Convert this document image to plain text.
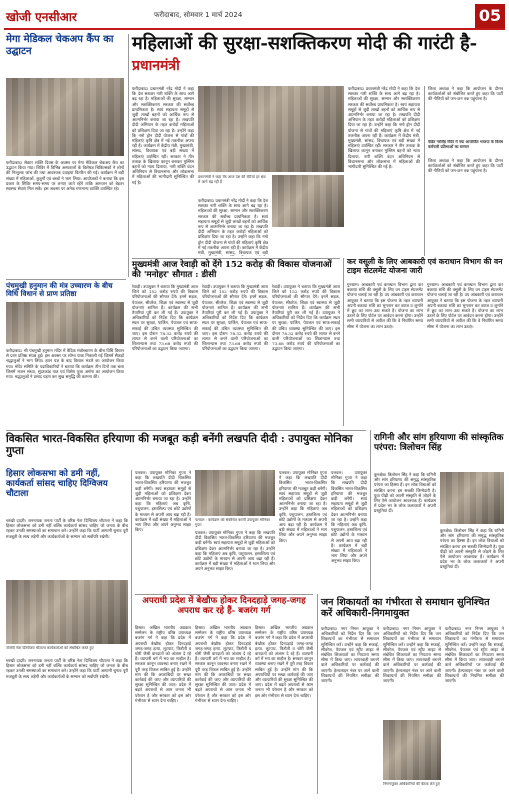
खोजी एनसीआर	फरीदाबाद, सोमवार 1 मार्च 2024	05
मेगा मेडिकल चेकअप कैंप का उद्घाटन
फरीदाबाद। सेक्टर शक्ति दिवस के अवसर पर मेगा मेडिकल चेकअप कैंप का उद्घाटन किया गया। शिविर में विभिन्न अस्पतालों के विशेषज्ञ चिकित्सकों ने लोगों की निःशुल्क जांच की तथा आवश्यक दवाइयां वितरित की गईं। कार्यक्रम में बड़ी संख्या में महिलाओं, बुजुर्गों एवं बच्चों ने भाग लिया। आयोजकों ने बताया कि इस प्रकार के शिविर समय-समय पर लगाए जाते रहेंगे ताकि आमजन को बेहतर स्वास्थ्य सेवाएं मिल सकें। इस अवसर पर अनेक गणमान्य व्यक्ति उपस्थित रहे।
महिलाओं की सुरक्षा-सशक्तिकरण मोदी की गारंटी है- प्रधानमंत्री
फरीदाबाद। प्रधानमंत्री नरेंद्र मोदी ने कहा कि देश सशक्त नारी शक्ति के साथ आगे बढ़ रहा है। महिलाओं की सुरक्षा, सम्मान और सशक्तिकरण सरकार की सर्वोच्च प्राथमिकता है। स्वयं सहायता समूहों से जुड़ी लाखों बहनों को आर्थिक रूप से आत्मनिर्भर बनाया जा रहा है। लखपति दीदी अभियान के तहत करोड़ों महिलाओं को प्रशिक्षण दिया जा रहा है। उन्होंने कहा कि नमो ड्रोन दीदी योजना से गांवों की महिलाएं कृषि क्षेत्र में नई तकनीक अपना रही हैं। कार्यक्रम में केंद्रीय मंत्री, मुख्यमंत्री, सांसद, विधायक एवं बड़ी संख्या में महिलाएं उपस्थित रहीं। सरकार ने तीन तलाक के खिलाफ कानून बनाकर मुस्लिम बहनों को न्याय दिलाया, नारी शक्ति वंदन अधिनियम से विधानसभा और लोकसभा में महिलाओं की भागीदारी सुनिश्चित की गई है।
प्रधानमंत्री ने कहा कि आज देश की बेटियां हर क्षेत्र में आगे बढ़ रही हैं
फरीदाबाद। प्रधानमंत्री नरेंद्र मोदी ने कहा कि देश सशक्त नारी शक्ति के साथ आगे बढ़ रहा है। महिलाओं की सुरक्षा, सम्मान और सशक्तिकरण सरकार की सर्वोच्च प्राथमिकता है। स्वयं सहायता समूहों से जुड़ी लाखों बहनों को आर्थिक रूप से आत्मनिर्भर बनाया जा रहा है। लखपति दीदी अभियान के तहत करोड़ों महिलाओं को प्रशिक्षण दिया जा रहा है। उन्होंने कहा कि नमो ड्रोन दीदी योजना से गांवों की महिलाएं कृषि क्षेत्र में नई तकनीक अपना रही हैं। कार्यक्रम में केंद्रीय मंत्री, मुख्यमंत्री, सांसद, विधायक एवं बड़ी
फरीदाबाद। प्रधानमंत्री नरेंद्र मोदी ने कहा कि देश सशक्त नारी शक्ति के साथ आगे बढ़ रहा है। महिलाओं की सुरक्षा, सम्मान और सशक्तिकरण सरकार की सर्वोच्च प्राथमिकता है। स्वयं सहायता समूहों से जुड़ी लाखों बहनों को आर्थिक रूप से आत्मनिर्भर बनाया जा रहा है। लखपति दीदी अभियान के तहत करोड़ों महिलाओं को प्रशिक्षण दिया जा रहा है। उन्होंने कहा कि नमो ड्रोन दीदी योजना से गांवों की महिलाएं कृषि क्षेत्र में नई तकनीक अपना रही हैं। कार्यक्रम में केंद्रीय मंत्री, मुख्यमंत्री, सांसद, विधायक एवं बड़ी संख्या में महिलाएं उपस्थित रहीं। सरकार ने तीन तलाक के खिलाफ कानून बनाकर मुस्लिम बहनों को न्याय दिलाया, नारी शक्ति वंदन अधिनियम से विधानसभा और लोकसभा में महिलाओं की भागीदारी सुनिश्चित की गई है।
जिला अध्यक्ष ने कहा कि आयोजन के दौरान कार्यकर्ताओं को संबोधित करते हुए कहा कि पार्टी की नीतियों को जन-जन तक पहुंचाना है।
पंडित नरसिंह मंदिर में नया आयोजित भाजपा के विशेष कर्मचारी प्रतिभाओं का सम्मान
जिला अध्यक्ष ने कहा कि आयोजन के दौरान कार्यकर्ताओं को संबोधित करते हुए कहा कि पार्टी की नीतियों को जन-जन तक पहुंचाना है।
पंचमुखी हनुमान की मंत्र उच्चारण के बीच विधि विधान से प्राण प्रतिष्ठा
फरीदाबाद। श्री पंचमुखी हनुमान मंदिर में वैदिक मंत्रोच्चारण के बीच विधि विधान से प्राण प्रतिष्ठा संपन्न हुई। इस अवसर पर शोभा यात्रा निकाली गई जिसमें सैकड़ों श्रद्धालुओं ने भाग लिया। हवन यज्ञ के बाद विशाल भंडारे का आयोजन किया गया। मंदिर समिति के पदाधिकारियों ने बताया कि कार्यक्रम तीन दिनों तक चला जिसमें भजन संध्या, सुंदरकांड पाठ एवं विशेष पूजा अर्चना का आयोजन किया गया। श्रद्धालुओं ने प्रसाद ग्रहण कर सुख समृद्धि की कामना की।
मुख्यमंत्री आज रेवाड़ी को देंगे 152 करोड़ की विकास योजनाओं की 'मनोहर' सौगात : डीसी
रेवाड़ी। उपायुक्त ने बताया कि मुख्यमंत्री आज जिले को 152 करोड़ रुपये की विकास परियोजनाओं की सौगात देंगे। इनमें सड़क, पेयजल, सीवरेज, शिक्षा एवं स्वास्थ्य से जुड़ी योजनाएं शामिल हैं। कार्यक्रम की सभी तैयारियां पूरी कर ली गई हैं। उपायुक्त ने अधिकारियों को निर्देश दिए कि कार्यक्रम स्थल पर सुरक्षा, पार्किंग, पेयजल एवं साफ-सफाई की उचित व्यवस्था सुनिश्चित की जाए। इस दौरान 78.32 करोड़ रुपये की लागत से बनने वाली परियोजनाओं का शिलान्यास तथा 73.68 करोड़ रुपये की परियोजनाओं का उद्घाटन किया जाएगा।
रेवाड़ी। उपायुक्त ने बताया कि मुख्यमंत्री आज जिले को 152 करोड़ रुपये की विकास परियोजनाओं की सौगात देंगे। इनमें सड़क, पेयजल, सीवरेज, शिक्षा एवं स्वास्थ्य से जुड़ी योजनाएं शामिल हैं। कार्यक्रम की सभी तैयारियां पूरी कर ली गई हैं। उपायुक्त ने अधिकारियों को निर्देश दिए कि कार्यक्रम स्थल पर सुरक्षा, पार्किंग, पेयजल एवं साफ-सफाई की उचित व्यवस्था सुनिश्चित की जाए। इस दौरान 78.32 करोड़ रुपये की लागत से बनने वाली परियोजनाओं का शिलान्यास तथा 73.68 करोड़ रुपये की परियोजनाओं का उद्घाटन किया जाएगा।
रेवाड़ी। उपायुक्त ने बताया कि मुख्यमंत्री आज जिले को 152 करोड़ रुपये की विकास परियोजनाओं की सौगात देंगे। इनमें सड़क, पेयजल, सीवरेज, शिक्षा एवं स्वास्थ्य से जुड़ी योजनाएं शामिल हैं। कार्यक्रम की सभी तैयारियां पूरी कर ली गई हैं। उपायुक्त ने अधिकारियों को निर्देश दिए कि कार्यक्रम स्थल पर सुरक्षा, पार्किंग, पेयजल एवं साफ-सफाई की उचित व्यवस्था सुनिश्चित की जाए। इस दौरान 78.32 करोड़ रुपये की लागत से बनने वाली परियोजनाओं का शिलान्यास तथा 73.68 करोड़ रुपये की परियोजनाओं का उद्घाटन किया जाएगा।
कर वसूली के लिए आबकारी एवं कराधान विभाग की वन टाइम सेटलमेंट योजना जारी
गुरुग्राम। आबकारी एवं कराधान विभाग द्वारा कर बकाया राशि की वसूली के लिए वन टाइम सेटलमेंट योजना चलाई जा रही है। उप आबकारी एवं कराधान आयुक्त ने बताया कि इस योजना के तहत व्यापारी अपनी बकाया राशि का भुगतान कर ब्याज व जुर्माने में छूट का लाभ उठा सकते हैं। योजना का लाभ उठाने के लिए पोर्टल पर आवेदन करना होगा। उन्होंने सभी व्यापारियों से अपील की कि वे निर्धारित समय सीमा में योजना का लाभ उठाएं।
गुरुग्राम। आबकारी एवं कराधान विभाग द्वारा कर बकाया राशि की वसूली के लिए वन टाइम सेटलमेंट योजना चलाई जा रही है। उप आबकारी एवं कराधान आयुक्त ने बताया कि इस योजना के तहत व्यापारी अपनी बकाया राशि का भुगतान कर ब्याज व जुर्माने में छूट का लाभ उठा सकते हैं। योजना का लाभ उठाने के लिए पोर्टल पर आवेदन करना होगा। उन्होंने सभी व्यापारियों से अपील की कि वे निर्धारित समय सीमा में योजना का लाभ उठाएं।
विकसित भारत-विकसित हरियाणा की मजबूत कड़ी बनेंगी लखपति दीदी : उपायुक्त मोनिका गुप्ता
हिसार लोकसभा को डमी नहीं, कार्यकर्ता सांसद चाहिए दिग्विजय चौटाला
चरखी दादरी। जननायक जनता पार्टी के वरिष्ठ नेता दिग्विजय चौटाला ने कहा कि हिसार लोकसभा को डमी नहीं बल्कि कार्यकर्ता सांसद चाहिए जो जनता के बीच रहकर उनकी समस्याओं का समाधान करे। उन्होंने कहा कि पार्टी आगामी चुनाव पूरी मजबूती के साथ लड़ेगी और कार्यकर्ताओं के सम्मान को सर्वोपरि रखेगी।
जेजेपी नेता दिग्विजय चौटाला कार्यकर्ताओं को संबोधित करते हुए
चरखी दादरी। जननायक जनता पार्टी के वरिष्ठ नेता दिग्विजय चौटाला ने कहा कि हिसार लोकसभा को डमी नहीं बल्कि कार्यकर्ता सांसद चाहिए जो जनता के बीच रहकर उनकी समस्याओं का समाधान करे। उन्होंने कहा कि पार्टी आगामी चुनाव पूरी मजबूती के साथ लड़ेगी और कार्यकर्ताओं के सम्मान को सर्वोपरि रखेगी।
पलवल। उपायुक्त मोनिका गुप्ता ने कहा कि लखपति दीदी विकसित भारत-विकसित हरियाणा की मजबूत कड़ी बनेंगी। स्वयं सहायता समूहों से जुड़ी महिलाओं को प्रशिक्षण देकर आत्मनिर्भर बनाया जा रहा है। उन्होंने कहा कि महिलाएं अब कृषि, पशुपालन, हस्तशिल्प एवं छोटे उद्योगों के माध्यम से अपनी आय बढ़ा रही हैं। कार्यक्रम में बड़ी संख्या में महिलाओं ने भाग लिया और अपने अनुभव साझा किए।
पलवल : कार्यक्रम को संबोधित करतीं उपायुक्त मोनिका गुप्ता
पलवल। उपायुक्त मोनिका गुप्ता ने कहा कि लखपति दीदी विकसित भारत-विकसित हरियाणा की मजबूत कड़ी बनेंगी। स्वयं सहायता समूहों से जुड़ी महिलाओं को प्रशिक्षण देकर आत्मनिर्भर बनाया जा रहा है। उन्होंने कहा कि महिलाएं अब कृषि, पशुपालन, हस्तशिल्प एवं छोटे उद्योगों के माध्यम से अपनी आय बढ़ा रही हैं। कार्यक्रम में बड़ी संख्या में महिलाओं ने भाग लिया और अपने अनुभव साझा किए।
पलवल। उपायुक्त मोनिका गुप्ता ने कहा कि लखपति दीदी विकसित भारत-विकसित हरियाणा की मजबूत कड़ी बनेंगी। स्वयं सहायता समूहों से जुड़ी महिलाओं को प्रशिक्षण देकर आत्मनिर्भर बनाया जा रहा है। उन्होंने कहा कि महिलाएं अब कृषि, पशुपालन, हस्तशिल्प एवं छोटे उद्योगों के माध्यम से अपनी आय बढ़ा रही हैं। कार्यक्रम में बड़ी संख्या में महिलाओं ने भाग लिया और अपने अनुभव साझा किए।
पलवल। उपायुक्त मोनिका गुप्ता ने कहा कि लखपति दीदी विकसित भारत-विकसित हरियाणा की मजबूत कड़ी बनेंगी। स्वयं सहायता समूहों से जुड़ी महिलाओं को प्रशिक्षण देकर आत्मनिर्भर बनाया जा रहा है। उन्होंने कहा कि महिलाएं अब कृषि, पशुपालन, हस्तशिल्प एवं छोटे उद्योगों के माध्यम से अपनी आय बढ़ा रही हैं। कार्यक्रम में बड़ी संख्या में महिलाओं ने भाग लिया और अपने अनुभव साझा किए।
रागिनी और सांग हरियाणा की सांस्कृतिक परंपरा: त्रिलोचन सिंह
कुरुक्षेत्र। त्रिलोचन सिंह ने कहा कि रागिनी और सांग हरियाणा की समृद्ध सांस्कृतिक परंपरा का हिस्सा हैं। इन लोक विधाओं को संरक्षित करना हम सबकी जिम्मेदारी है। युवा पीढ़ी को अपनी संस्कृति से जोड़ने के लिए ऐसे आयोजन आवश्यक हैं। कार्यक्रम में प्रदेश भर के लोक कलाकारों ने अपनी प्रस्तुतियां दीं।
कुरुक्षेत्र। त्रिलोचन सिंह ने कहा कि रागिनी और सांग हरियाणा की समृद्ध सांस्कृतिक परंपरा का हिस्सा हैं। इन लोक विधाओं को संरक्षित करना हम सबकी जिम्मेदारी है। युवा पीढ़ी को अपनी संस्कृति से जोड़ने के लिए ऐसे आयोजन आवश्यक हैं। कार्यक्रम में प्रदेश भर के लोक कलाकारों ने अपनी प्रस्तुतियां दीं।
अपराधी प्रदेश में बेखौफ होकर दिनदहाड़े जगह-जगह अपराध कर रहे हैं- बजरंग गर्ग
हिसार। अखिल भारतीय अग्रवाल सम्मेलन के राष्ट्रीय वरिष्ठ उपाध्यक्ष बजरंग गर्ग ने कहा कि प्रदेश में अपराधी बेखौफ होकर दिनदहाड़े जगह-जगह हत्या, लूटपाट, फिरौती व चोरी जैसी वारदातों को अंजाम दे रहे हैं। व्यापारी वर्ग में भय का माहौल है। सरकार कानून व्यवस्था बनाए रखने में पूरी तरह विफल साबित हुई है। उन्होंने मांग की कि अपराधियों पर सख्त कार्रवाई की जाए और व्यापारियों की सुरक्षा सुनिश्चित की जाए। प्रदेश में बढ़ते अपराधों से आम जनता भी परेशान है और सरकार को इस ओर गंभीरता से ध्यान देना चाहिए।
हिसार। अखिल भारतीय अग्रवाल सम्मेलन के राष्ट्रीय वरिष्ठ उपाध्यक्ष बजरंग गर्ग ने कहा कि प्रदेश में अपराधी बेखौफ होकर दिनदहाड़े जगह-जगह हत्या, लूटपाट, फिरौती व चोरी जैसी वारदातों को अंजाम दे रहे हैं। व्यापारी वर्ग में भय का माहौल है। सरकार कानून व्यवस्था बनाए रखने में पूरी तरह विफल साबित हुई है। उन्होंने मांग की कि अपराधियों पर सख्त कार्रवाई की जाए और व्यापारियों की सुरक्षा सुनिश्चित की जाए। प्रदेश में बढ़ते अपराधों से आम जनता भी परेशान है और सरकार को इस ओर गंभीरता से ध्यान देना चाहिए।
हिसार। अखिल भारतीय अग्रवाल सम्मेलन के राष्ट्रीय वरिष्ठ उपाध्यक्ष बजरंग गर्ग ने कहा कि प्रदेश में अपराधी बेखौफ होकर दिनदहाड़े जगह-जगह हत्या, लूटपाट, फिरौती व चोरी जैसी वारदातों को अंजाम दे रहे हैं। व्यापारी वर्ग में भय का माहौल है। सरकार कानून व्यवस्था बनाए रखने में पूरी तरह विफल साबित हुई है। उन्होंने मांग की कि अपराधियों पर सख्त कार्रवाई की जाए और व्यापारियों की सुरक्षा सुनिश्चित की जाए। प्रदेश में बढ़ते अपराधों से आम जनता भी परेशान है और सरकार को इस ओर गंभीरता से ध्यान देना चाहिए।
जन शिकायतों का गंभीरता से समाधान सुनिश्चित करें अधिकारी-निगमायुक्त
फरीदाबाद। नगर निगम आयुक्त ने अधिकारियों को निर्देश दिए कि जन शिकायतों का गंभीरता से समाधान सुनिश्चित करें। उन्होंने कहा कि सफाई, सीवरेज, पेयजल एवं स्ट्रीट लाइट से संबंधित शिकायतों का निपटारा समय सीमा में किया जाए। लापरवाही बरतने वाले अधिकारियों पर कार्रवाई की जाएगी। हेल्पलाइन नंबर पर आने वाली शिकायतों की नियमित समीक्षा की जाएगी।
फरीदाबाद। नगर निगम आयुक्त ने अधिकारियों को निर्देश दिए कि जन शिकायतों का गंभीरता से समाधान सुनिश्चित करें। उन्होंने कहा कि सफाई, सीवरेज, पेयजल एवं स्ट्रीट लाइट से संबंधित शिकायतों का निपटारा समय सीमा में किया जाए। लापरवाही बरतने वाले अधिकारियों पर कार्रवाई की जाएगी। हेल्पलाइन नंबर पर आने वाली शिकायतों की नियमित समीक्षा की जाएगी।
निगमायुक्त अधिकारियों की बैठक लेते हुए
फरीदाबाद। नगर निगम आयुक्त ने अधिकारियों को निर्देश दिए कि जन शिकायतों का गंभीरता से समाधान सुनिश्चित करें। उन्होंने कहा कि सफाई, सीवरेज, पेयजल एवं स्ट्रीट लाइट से संबंधित शिकायतों का निपटारा समय सीमा में किया जाए। लापरवाही बरतने वाले अधिकारियों पर कार्रवाई की जाएगी। हेल्पलाइन नंबर पर आने वाली शिकायतों की नियमित समीक्षा की जाएगी।
